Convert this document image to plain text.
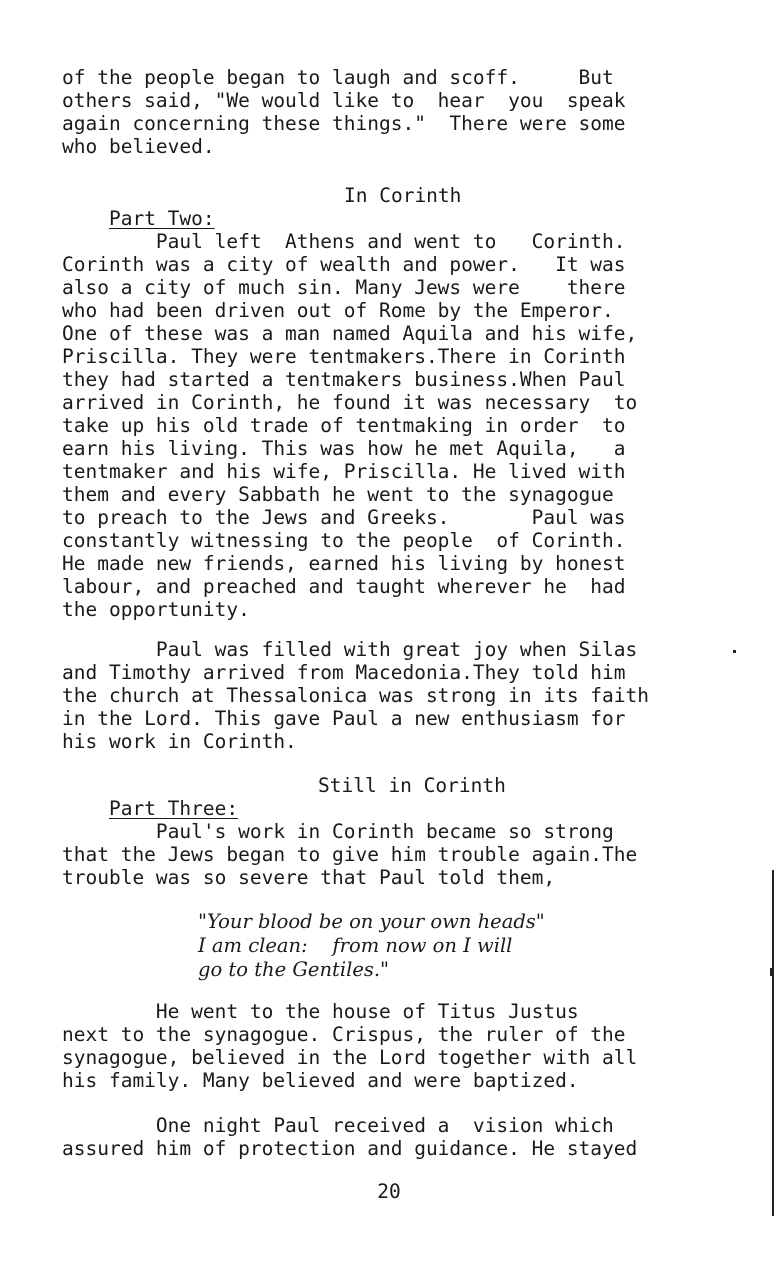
of the people began to laugh and scoff.     But
others said, "We would like to  hear  you  speak
again concerning these things."  There were some
who believed.

Part Two:

In Corinth

Paul left  Athens and went to   Corinth.
Corinth was a city of wealth and power.   It was
also a city of much sin. Many Jews were    there
who had been driven out of Rome by the Emperor.
One of these was a man named Aquila and his wife,
Priscilla. They were tentmakers.There in Corinth
they had started a tentmakers business.When Paul
arrived in Corinth, he found it was necessary  to
take up his old trade of tentmaking in order  to
earn his living. This was how he met Aquila,   a
tentmaker and his wife, Priscilla. He lived with
them and every Sabbath he went to the synagogue
to preach to the Jews and Greeks.       Paul was
constantly witnessing to the people  of Corinth.
He made new friends, earned his living by honest
labour, and preached and taught wherever he  had
the opportunity.

Paul was filled with great joy when Silas
and Timothy arrived from Macedonia.They told him
the church at Thessalonica was strong in its faith
in the Lord. This gave Paul a new enthusiasm for
his work in Corinth.

Part Three:

Still in Corinth

Paul's work in Corinth became so strong
that the Jews began to give him trouble again.The
trouble was so severe that Paul told them,

"Your blood be on your own heads"
I am clean:    from now on I will
go to the Gentiles."

He went to the house of Titus Justus
next to the synagogue. Crispus, the ruler of the
synagogue, believed in the Lord together with all
his family. Many believed and were baptized.

One night Paul received a  vision which
assured him of protection and guidance. He stayed

20
